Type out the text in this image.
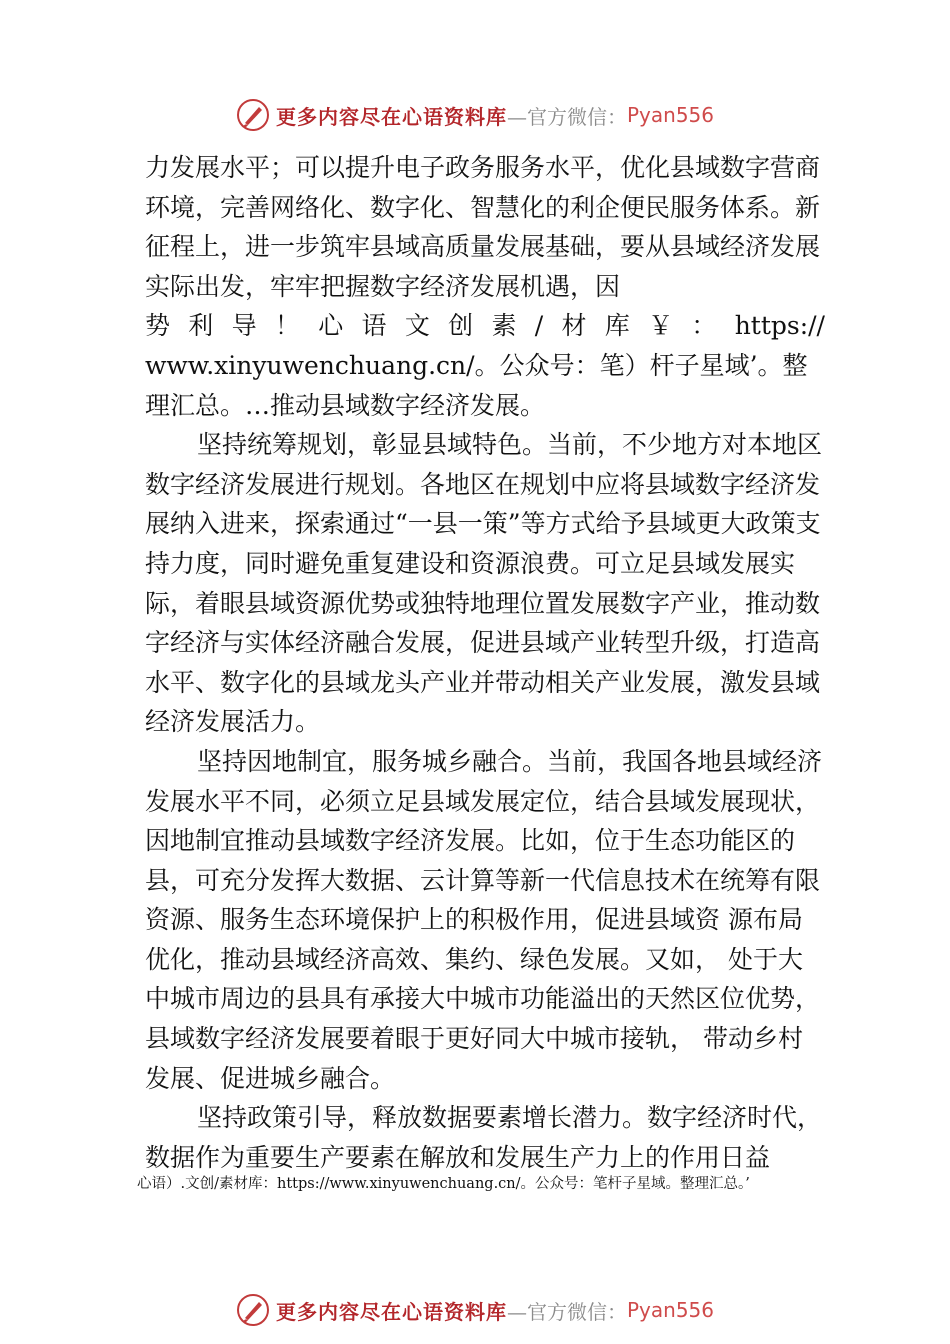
更多内容尽在心语资料库 —官方微信： Pyan556

力发展水平；可以提升电子政务服务水平，优化县域数字营商环境，完善网络化、数字化、智慧化的利企便民服务体系。新征程上，进一步筑牢县域高质量发展基础，要从县域经济发展实际出发，牢牢把握数字经济发展机遇，因

势利导！心语文创素/材库￥：https://

www.xinyuwenchuang.cn/。公众号：笔）杆子星域’。整理汇总。…推动县域数字经济发展。

坚持统筹规划，彰显县域特色。当前，不少地方对本地区数字经济发展进行规划。各地区在规划中应将县域数字经济发展纳入进来，探索通过“一县一策”等方式给予县域更大政策支持力度，同时避免重复建设和资源浪费。可立足县域发展实际，着眼县域资源优势或独特地理位置发展数字产业，推动数字经济与实体经济融合发展，促进县域产业转型升级，打造高水平、数字化的县域龙头产业并带动相关产业发展，激发县域经济发展活力。

坚持因地制宜，服务城乡融合。当前，我国各地县域经济发展水平不同，必须立足县域发展定位，结合县域发展现状，因地制宜推动县域数字经济发展。比如，位于生态功能区的县，可充分发挥大数据、云计算等新一代信息技术在统筹有限资源、服务生态环境保护上的积极作用，促进县域资 源布局优化，推动县域经济高效、集约、绿色发展。又如， 处于大中城市周边的县具有承接大中城市功能溢出的天然区位优势，县域数字经济发展要着眼于更好同大中城市接轨， 带动乡村发展、促进城乡融合。

坚持政策引导，释放数据要素增长潜力。数字经济时代，数据作为重要生产要素在解放和发展生产力上的作用日益

心语）.文创/素材库：https://www.xinyuwenchuang.cn/。公众号：笔杆子星域。整理汇总。’
更多内容尽在心语资料库 —官方微信： Pyan556
